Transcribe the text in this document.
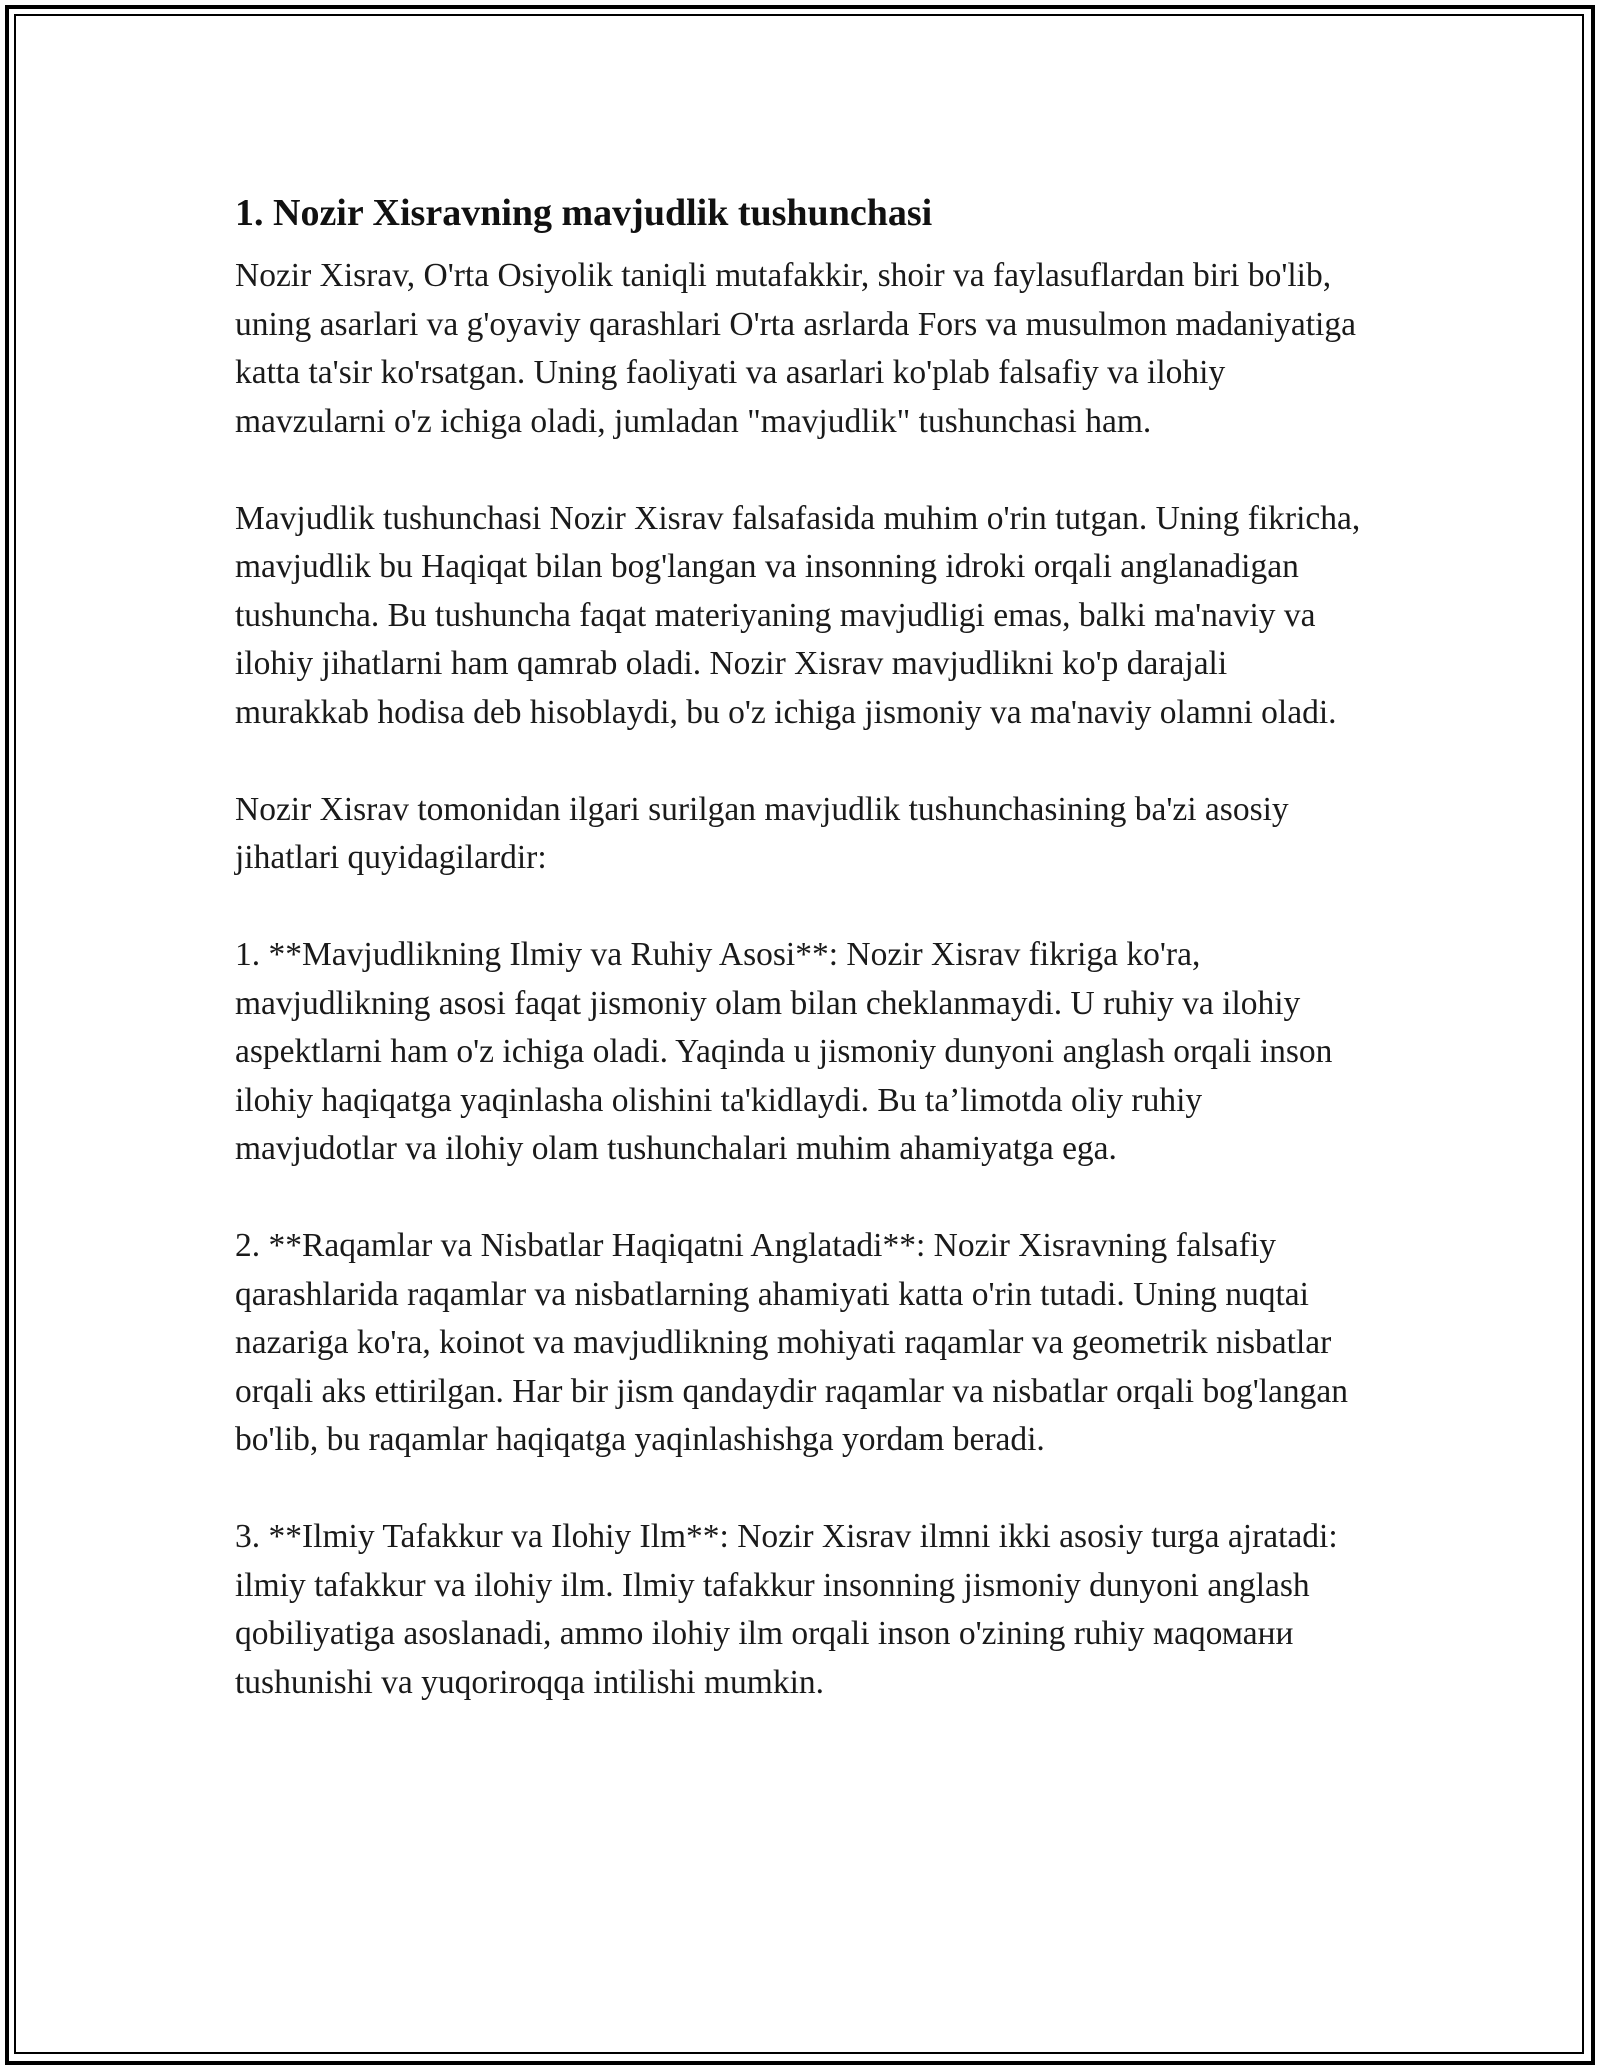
1. Nozir Xisravning mavjudlik tushunchasi

Nozir Xisrav, O'rta Osiyolik taniqli mutafakkir, shoir va faylasuflardan biri bo'lib, uning asarlari va g'oyaviy qarashlari O'rta asrlarda Fors va musulmon madaniyatiga katta ta'sir ko'rsatgan. Uning faoliyati va asarlari ko'plab falsafiy va ilohiy mavzularni o'z ichiga oladi, jumladan "mavjudlik" tushunchasi ham.

Mavjudlik tushunchasi Nozir Xisrav falsafasida muhim o'rin tutgan. Uning fikricha, mavjudlik bu Haqiqat bilan bog'langan va insonning idroki orqali anglanadigan tushuncha. Bu tushuncha faqat materiyaning mavjudligi emas, balki ma'naviy va ilohiy jihatlarni ham qamrab oladi. Nozir Xisrav mavjudlikni ko'p darajali murakkab hodisa deb hisoblaydi, bu o'z ichiga jismoniy va ma'naviy olamni oladi.

Nozir Xisrav tomonidan ilgari surilgan mavjudlik tushunchasining ba'zi asosiy jihatlari quyidagilardir:

1. **Mavjudlikning Ilmiy va Ruhiy Asosi**: Nozir Xisrav fikriga ko'ra, mavjudlikning asosi faqat jismoniy olam bilan cheklanmaydi. U ruhiy va ilohiy aspektlarni ham o'z ichiga oladi. Yaqinda u jismoniy dunyoni anglash orqali inson ilohiy haqiqatga yaqinlasha olishini ta'kidlaydi. Bu ta’limotda oliy ruhiy mavjudotlar va ilohiy olam tushunchalari muhim ahamiyatga ega.

2. **Raqamlar va Nisbatlar Haqiqatni Anglatadi**: Nozir Xisravning falsafiy qarashlarida raqamlar va nisbatlarning ahamiyati katta o'rin tutadi. Uning nuqtai nazariga ko'ra, koinot va mavjudlikning mohiyati raqamlar va geometrik nisbatlar orqali aks ettirilgan. Har bir jism qandaydir raqamlar va nisbatlar orqali bog'langan bo'lib, bu raqamlar haqiqatga yaqinlashishga yordam beradi.

3. **Ilmiy Tafakkur va Ilohiy Ilm**: Nozir Xisrav ilmni ikki asosiy turga ajratadi: ilmiy tafakkur va ilohiy ilm. Ilmiy tafakkur insonning jismoniy dunyoni anglash qobiliyatiga asoslanadi, ammo ilohiy ilm orqali inson o'zining ruhiy мaqомани tushunishi va yuqoriroqqa intilishi mumkin.
